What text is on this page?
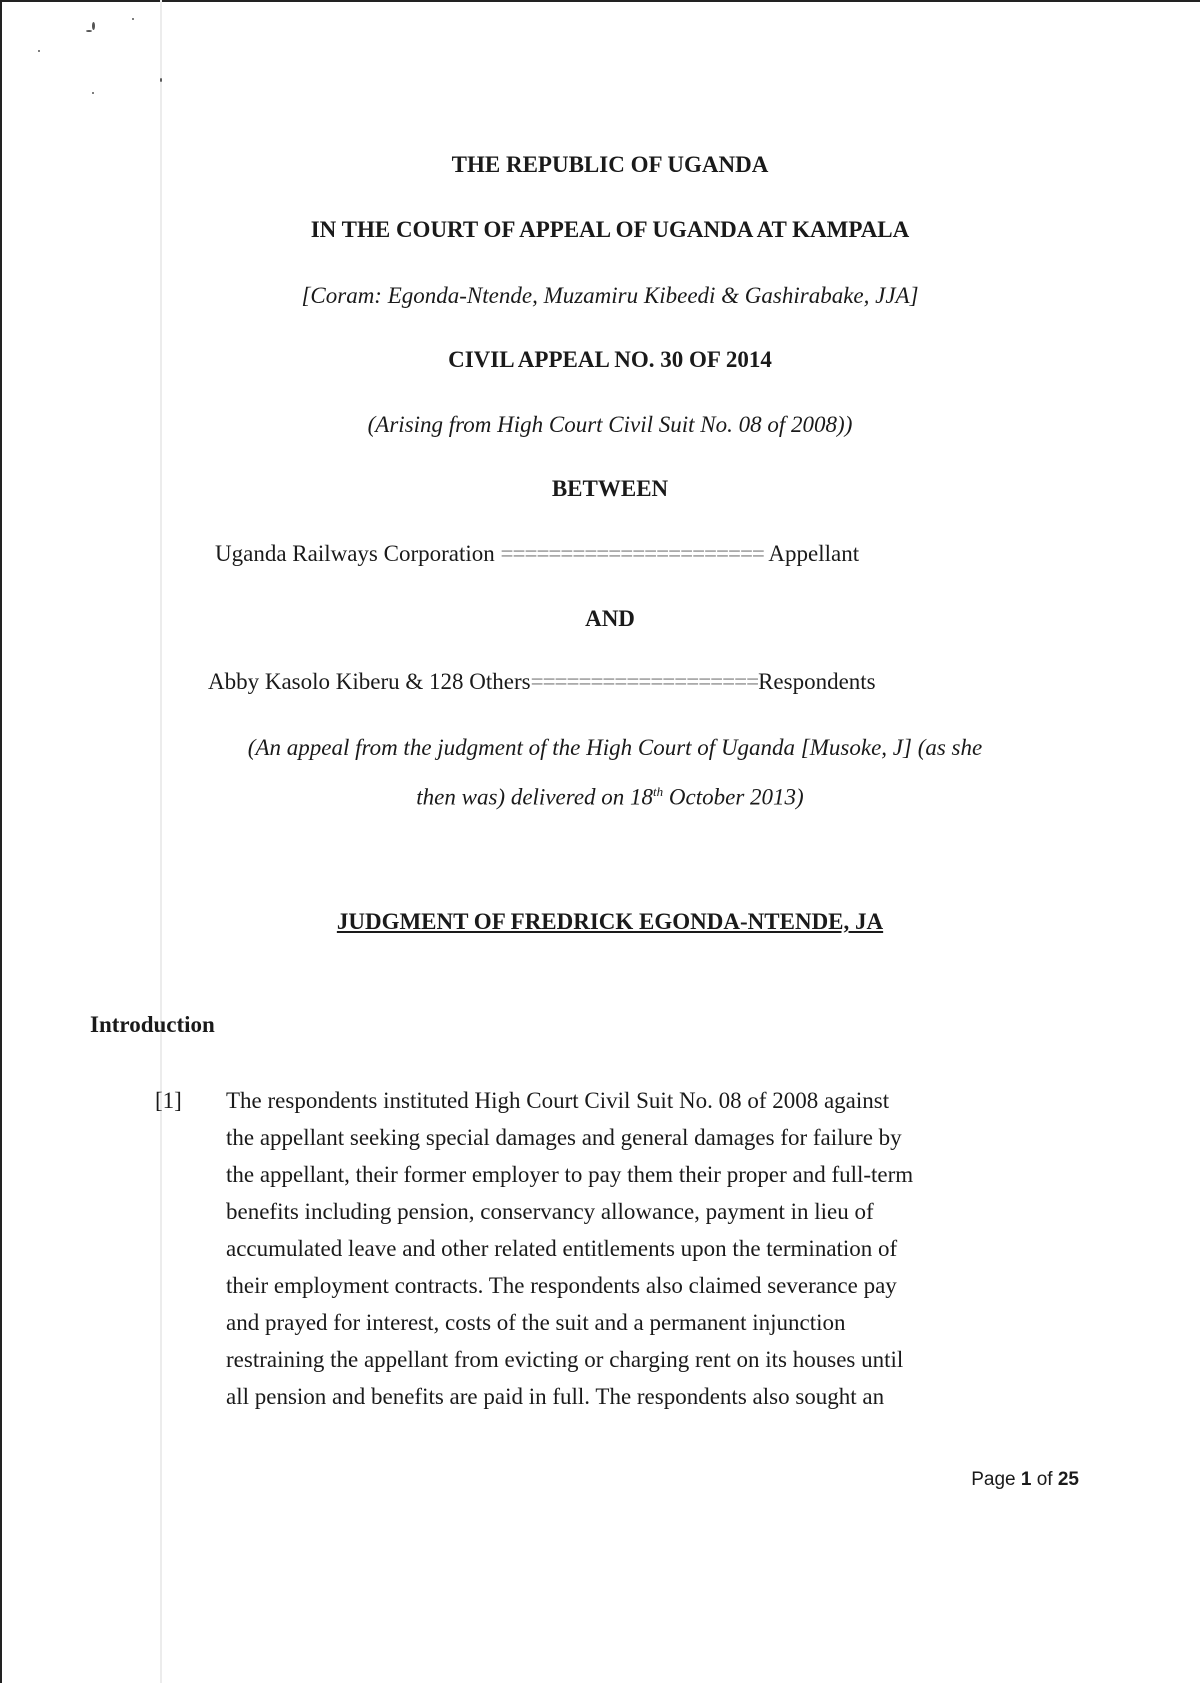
THE REPUBLIC OF UGANDA
IN THE COURT OF APPEAL OF UGANDA AT KAMPALA
[Coram: Egonda-Ntende, Muzamiru Kibeedi & Gashirabake, JJA]
CIVIL APPEAL NO. 30 OF 2014
(Arising from High Court Civil Suit No. 08 of 2008))
BETWEEN
Uganda Railways Corporation ====================== Appellant
AND
Abby Kasolo Kiberu & 128 Others===================Respondents
(An appeal from the judgment of the High Court of Uganda [Musoke, J] (as she
then was) delivered on 18th October 2013)
JUDGMENT OF FREDRICK EGONDA-NTENDE, JA
Introduction
[1] The respondents instituted High Court Civil Suit No. 08 of 2008 against
the appellant seeking special damages and general damages for failure by
the appellant, their former employer to pay them their proper and full-term
benefits including pension, conservancy allowance, payment in lieu of
accumulated leave and other related entitlements upon the termination of
their employment contracts. The respondents also claimed severance pay
and prayed for interest, costs of the suit and a permanent injunction
restraining the appellant from evicting or charging rent on its houses until
all pension and benefits are paid in full. The respondents also sought an
Page 1 of 25
